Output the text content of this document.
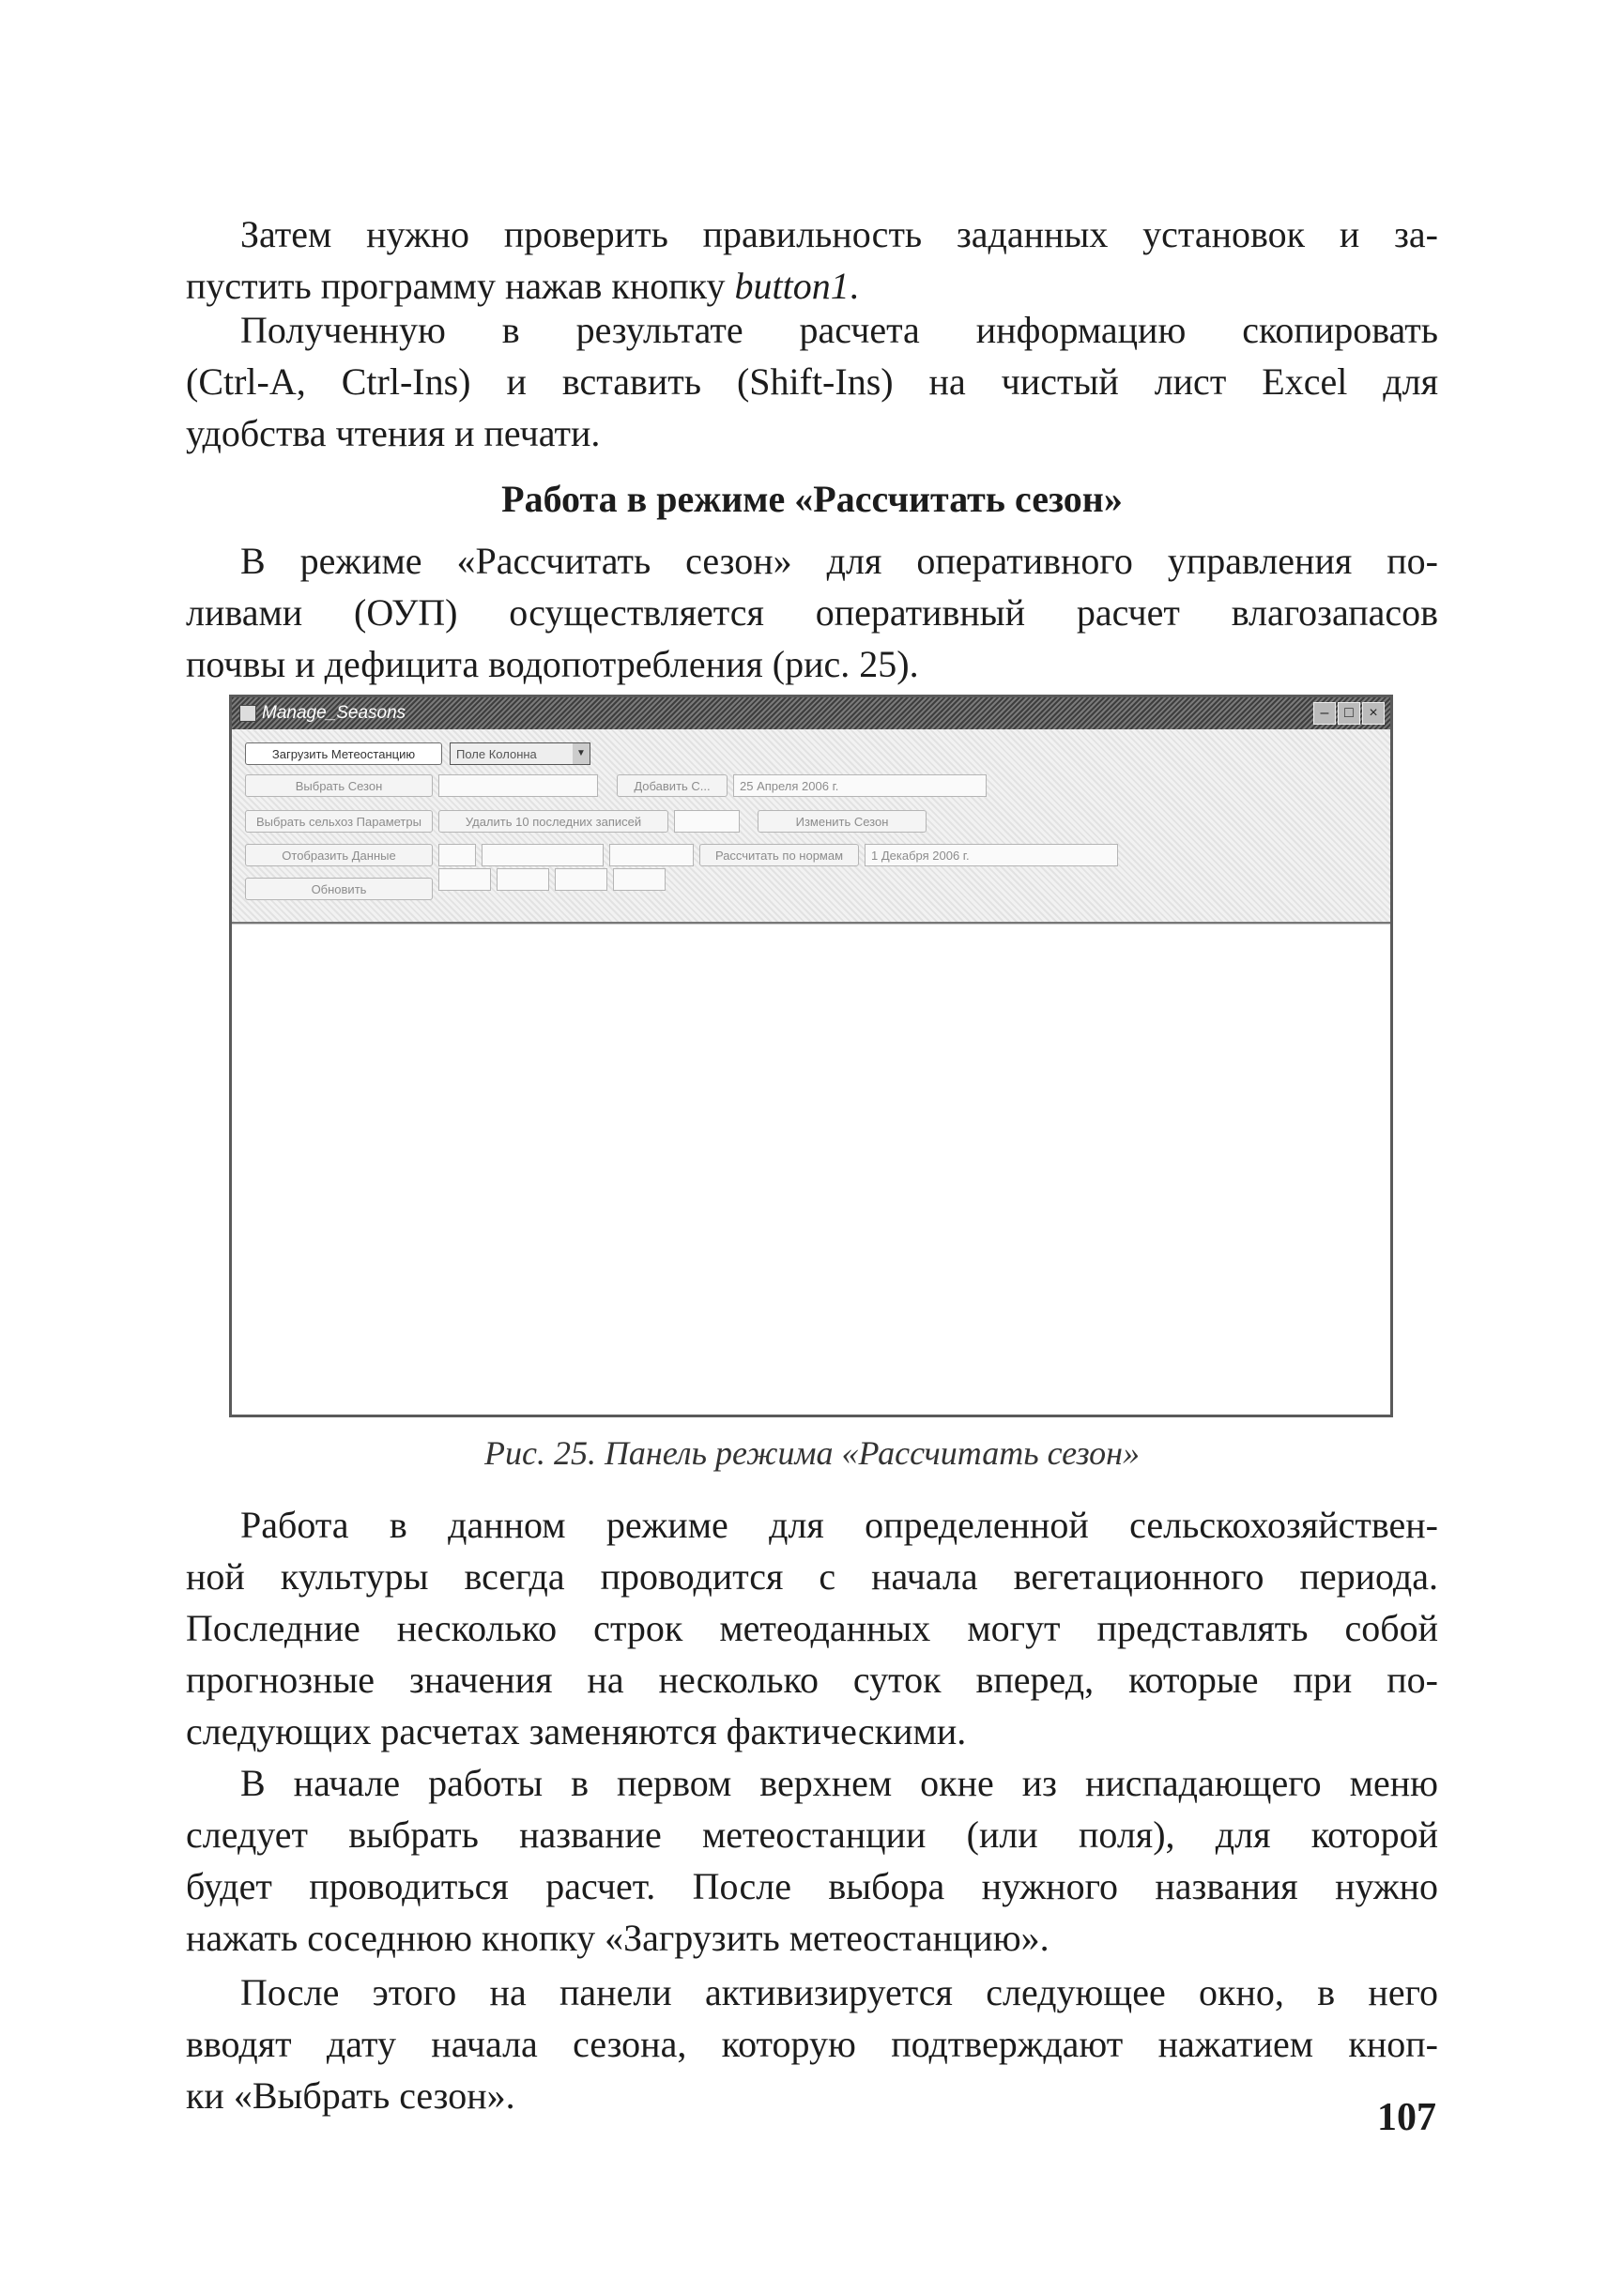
Затем нужно проверить правильность заданных установок и за-
пустить программу нажав кнопку button1.

Полученную в результате расчета информацию скопировать
(Ctrl-A, Ctrl-Ins) и вставить (Shift-Ins) на чистый лист Excel для
удобства чтения и печати.

Работа в режиме «Рассчитать сезон»

В режиме «Рассчитать сезон» для оперативного управления по-
ливами (ОУП) осуществляется оперативный расчет влагозапасов
почвы и дефицита водопотребления (рис. 25).

Manage_Seasons	–	□	×
Загрузить Метеостанцию	Поле Колонна	▼
Выбрать Сезон	Добавить С...	25 Апреля 2006 г.
Выбрать сельхоз Параметры	Удалить 10 последних записей	Изменить Сезон
Отобразить Данные	Рассчитать по нормам	1 Декабря 2006 г.
Обновить
Рис. 25. Панель режима «Рассчитать сезон»

Работа в данном режиме для определенной сельскохозяйствен-
ной культуры всегда проводится с начала вегетационного периода.
Последние несколько строк метеоданных могут представлять собой
прогнозные значения на несколько суток вперед, которые при по-
следующих расчетах заменяются фактическими.

В начале работы в первом верхнем окне из ниспадающего меню
следует выбрать название метеостанции (или поля), для которой
будет проводиться расчет. После выбора нужного названия нужно
нажать соседнюю кнопку «Загрузить метеостанцию».

После этого на панели активизируется следующее окно, в него
вводят дату начала сезона, которую подтверждают нажатием кноп-
ки «Выбрать сезон».

107
